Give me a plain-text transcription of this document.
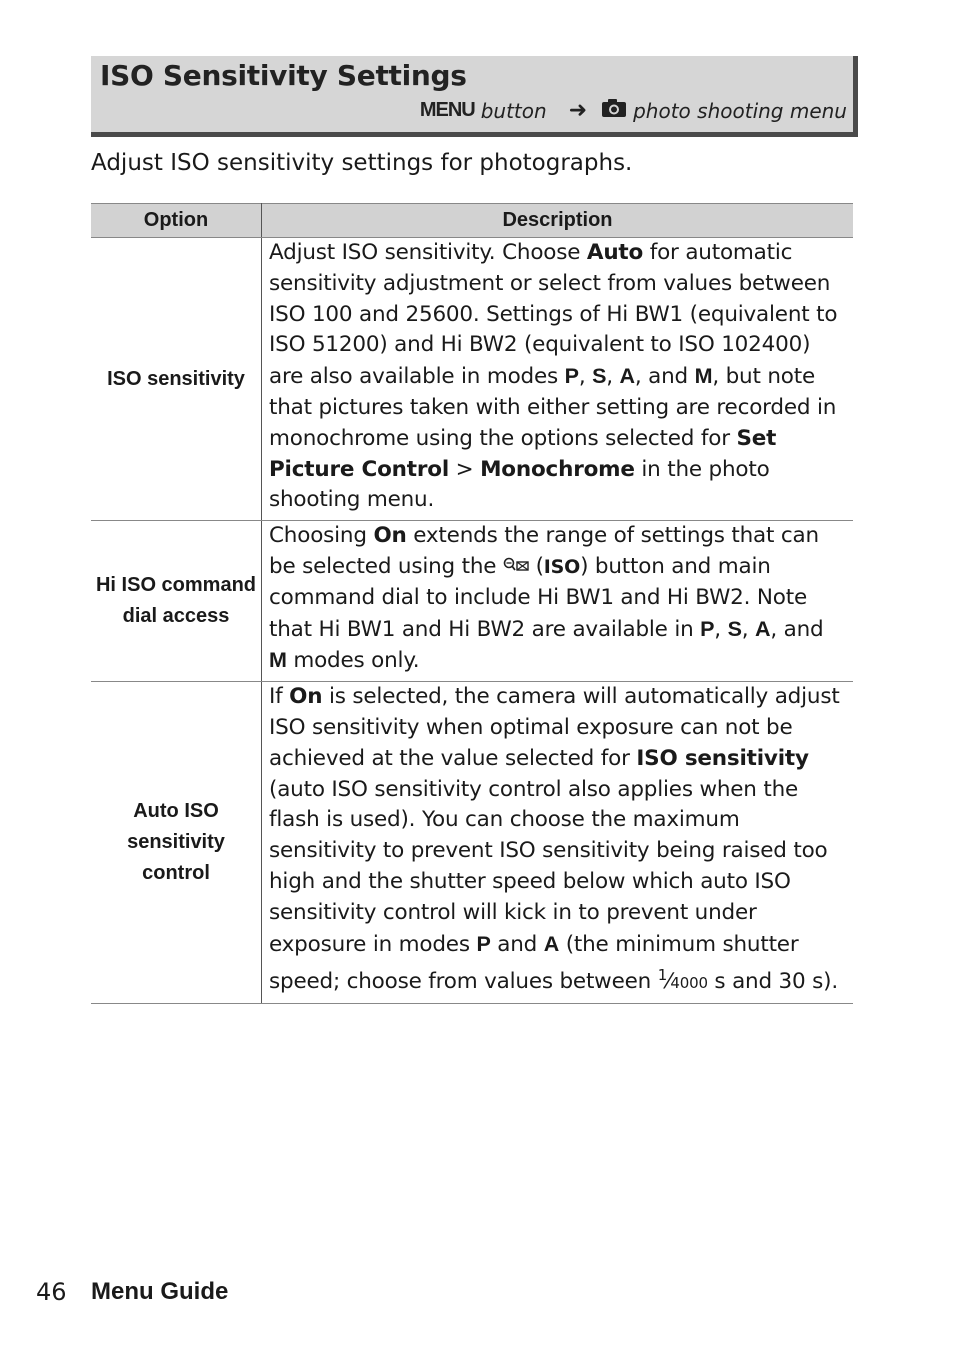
ISO Sensitivity Settings
MENU button ➜ photo shooting menu
Adjust ISO sensitivity settings for photographs.
Option	Description
ISO sensitivity	Adjust ISO sensitivity. Choose Auto for automatic sensitivity adjustment or select from values between ISO 100 and 25600. Settings of Hi BW1 (equivalent to ISO 51200) and Hi BW2 (equivalent to ISO 102400) are also available in modes P, S, A, and M, but note that pictures taken with either setting are recorded in monochrome using the options selected for Set Picture Control > Monochrome in the photo shooting menu.
Hi ISO command dial access	Choosing On extends the range of settings that can be selected using the  (ISO) button and main command dial to include Hi BW1 and Hi BW2. Note that Hi BW1 and Hi BW2 are available in P, S, A, and M modes only.
Auto ISO sensitivity control	If On is selected, the camera will automatically adjust ISO sensitivity when optimal exposure can not be achieved at the value selected for ISO sensitivity (auto ISO sensitivity control also applies when the flash is used). You can choose the maximum sensitivity to prevent ISO sensitivity being raised too high and the shutter speed below which auto ISO sensitivity control will kick in to prevent under exposure in modes P and A (the minimum shutter speed; choose from values between $^1$⁄4000 s and 30 s).
46 Menu Guide
